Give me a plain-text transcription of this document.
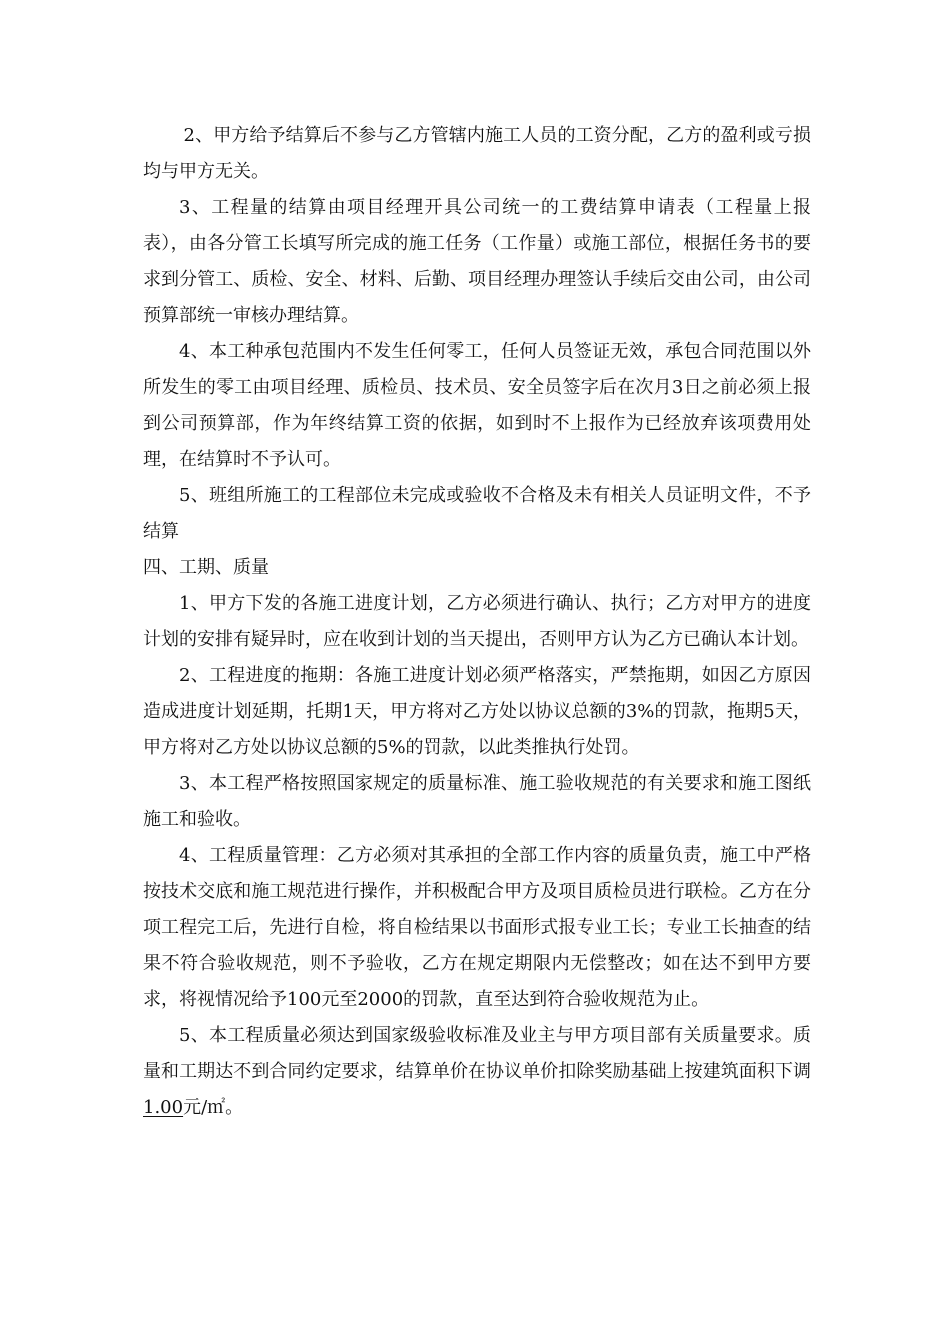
2、甲方给予结算后不参与乙方管辖内施工人员的工资分配，乙方的盈利或亏损均与甲方无关。

3、工程量的结算由项目经理开具公司统一的工费结算申请表（工程量上报表），由各分管工长填写所完成的施工任务（工作量）或施工部位，根据任务书的要求到分管工、质检、安全、材料、后勤、项目经理办理签认手续后交由公司，由公司预算部统一审核办理结算。

4、本工种承包范围内不发生任何零工，任何人员签证无效，承包合同范围以外所发生的零工由项目经理、质检员、技术员、安全员签字后在次月3日之前必须上报到公司预算部，作为年终结算工资的依据，如到时不上报作为已经放弃该项费用处理，在结算时不予认可。

5、班组所施工的工程部位未完成或验收不合格及未有相关人员证明文件，不予结算

四、工期、质量

1、甲方下发的各施工进度计划，乙方必须进行确认、执行；乙方对甲方的进度计划的安排有疑异时，应在收到计划的当天提出，否则甲方认为乙方已确认本计划。

2、工程进度的拖期：各施工进度计划必须严格落实，严禁拖期，如因乙方原因造成进度计划延期，托期1天，甲方将对乙方处以协议总额的3%的罚款，拖期5天，甲方将对乙方处以协议总额的5%的罚款，以此类推执行处罚。

3、本工程严格按照国家规定的质量标准、施工验收规范的有关要求和施工图纸施工和验收。

4、工程质量管理：乙方必须对其承担的全部工作内容的质量负责，施工中严格按技术交底和施工规范进行操作，并积极配合甲方及项目质检员进行联检。乙方在分项工程完工后，先进行自检，将自检结果以书面形式报专业工长；专业工长抽查的结果不符合验收规范，则不予验收，乙方在规定期限内无偿整改；如在达不到甲方要求，将视情况给予100元至2000的罚款，直至达到符合验收规范为止。

5、本工程质量必须达到国家级验收标准及业主与甲方项目部有关质量要求。质量和工期达不到合同约定要求，结算单价在协议单价扣除奖励基础上按建筑面积下调1.00元/㎡。
